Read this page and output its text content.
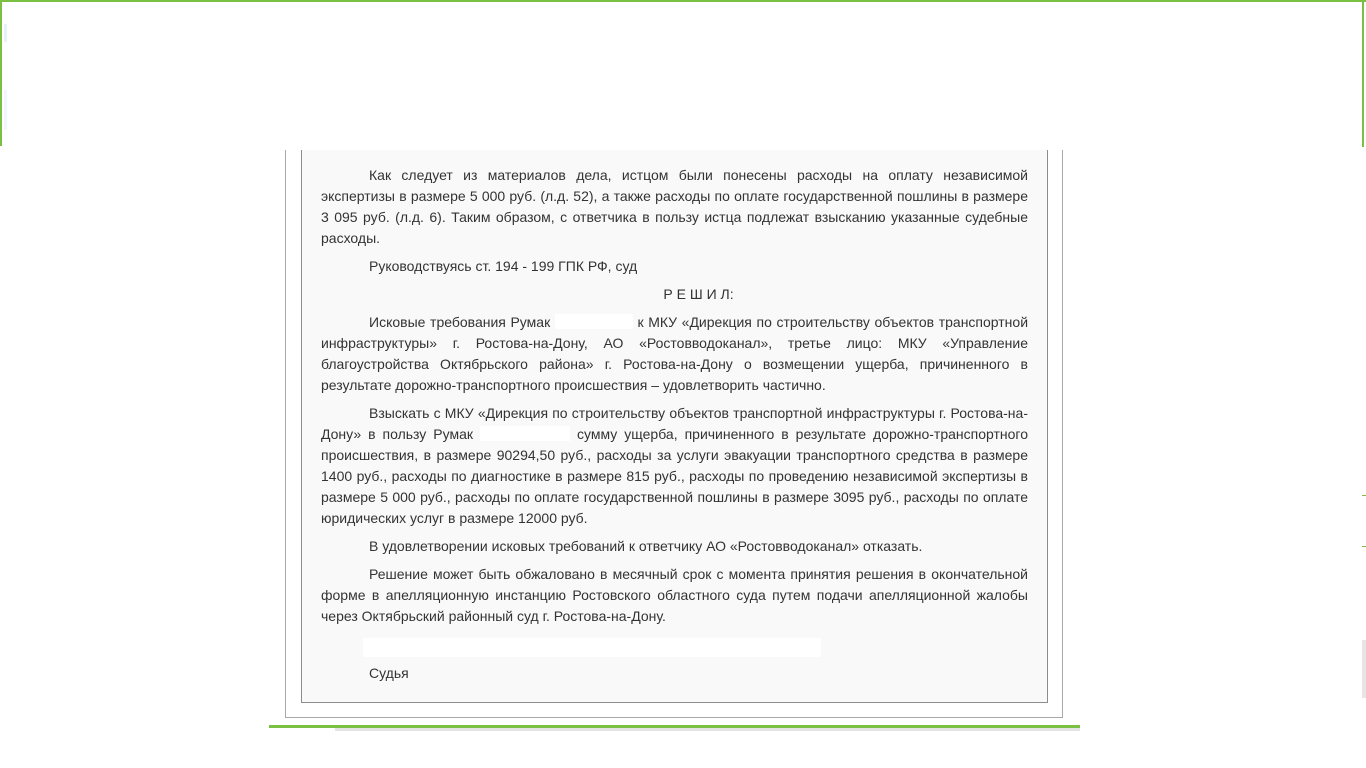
Как следует из материалов дела, истцом были понесены расходы на оплату независимой экспертизы в размере 5 000 руб. (л.д. 52), а также расходы по оплате государственной пошлины в размере 3 095 руб. (л.д. 6). Таким образом, с ответчика в пользу истца подлежат взысканию указанные судебные расходы.

Руководствуясь ст. 194 - 199 ГПК РФ, суд

Р Е Ш И Л:

Исковые требования Румак	к МКУ «Дирекция по строительству объектов транспортной инфраструктуры» г. Ростова-на-Дону, АО «Ростовводоканал», третье лицо: МКУ «Управление благоустройства Октябрьского района» г. Ростова-на-Дону о возмещении ущерба, причиненного в результате дорожно-транспортного происшествия – удовлетворить частично.

Взыскать с МКУ «Дирекция по строительству объектов транспортной инфраструктуры г. Ростова-на-Дону» в пользу Румак	сумму ущерба, причиненного в результате дорожно-транспортного происшествия, в размере 90294,50 руб., расходы за услуги эвакуации транспортного средства в размере 1400 руб., расходы по диагностике в размере 815 руб., расходы по проведению независимой экспертизы в размере 5 000 руб., расходы по оплате государственной пошлины в размере 3095 руб., расходы по оплате юридических услуг в размере 12000 руб.

В удовлетворении исковых требований к ответчику АО «Ростовводоканал» отказать.

Решение может быть обжаловано в месячный срок с момента принятия решения в окончательной форме в апелляционную инстанцию Ростовского областного суда путем подачи апелляционной жалобы через Октябрьский районный суд г. Ростова-на-Дону.

Судья
